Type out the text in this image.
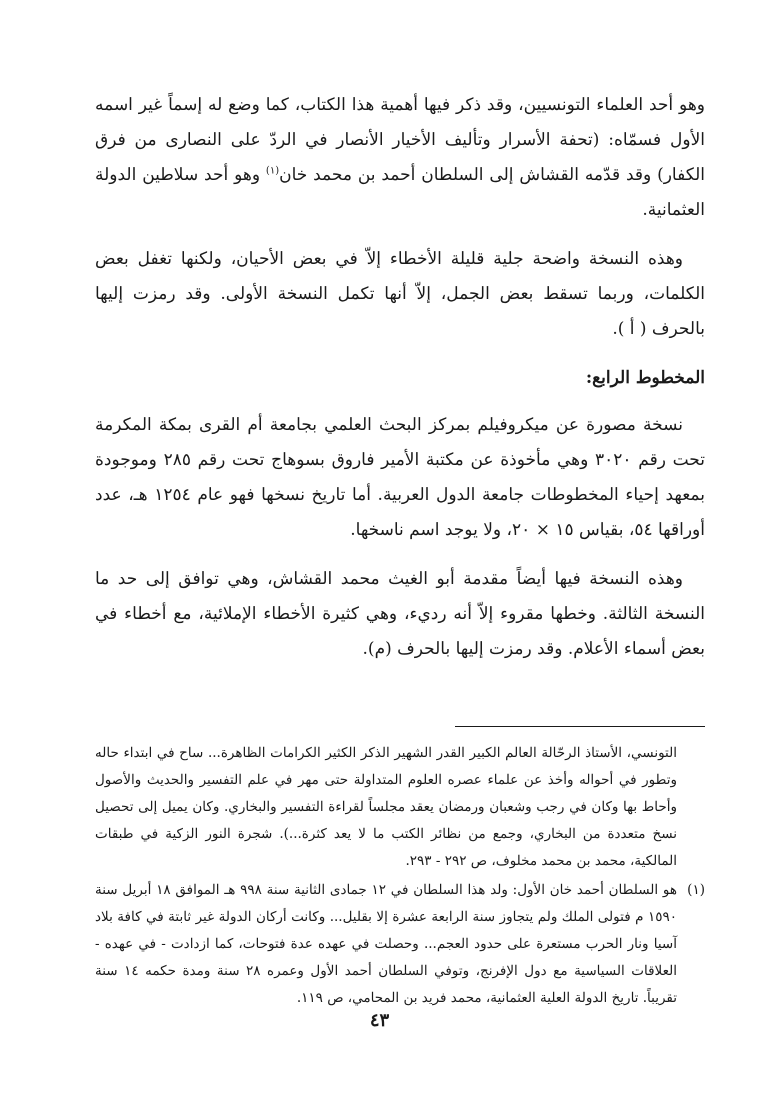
وهو أحد العلماء التونسيين، وقد ذكر فيها أهمية هذا الكتاب، كما وضع له إسماً غير اسمه الأول فسمّاه: (تحفة الأسرار وتأليف الأخيار الأنصار في الردّ على النصارى من فرق الكفار) وقد قدّمه القشاش إلى السلطان أحمد بن محمد خان$^{(١)}$ وهو أحد سلاطين الدولة العثمانية.

وهذه النسخة واضحة جلية قليلة الأخطاء إلاّ في بعض الأحيان، ولكنها تغفل بعض الكلمات، وربما تسقط بعض الجمل، إلاّ أنها تكمل النسخة الأولى. وقد رمزت إليها بالحرف ( أ ).

المخطوط الرابع:

نسخة مصورة عن ميكروفيلم بمركز البحث العلمي بجامعة أم القرى بمكة المكرمة تحت رقم ٣٠٢٠ وهي مأخوذة عن مكتبة الأمير فاروق بسوهاج تحت رقم ٢٨٥ وموجودة بمعهد إحياء المخطوطات جامعة الدول العربية. أما تاريخ نسخها فهو عام ١٢٥٤ هـ، عدد أوراقها ٥٤، بقياس ١٥ × ٢٠، ولا يوجد اسم ناسخها.

وهذه النسخة فيها أيضاً مقدمة أبو الغيث محمد القشاش، وهي توافق إلى حد ما النسخة الثالثة. وخطها مقروء إلاّ أنه رديء، وهي كثيرة الأخطاء الإملائية، مع أخطاء في بعض أسماء الأعلام. وقد رمزت إليها بالحرف (م).

التونسي، الأستاذ الرحّالة العالم الكبير القدر الشهير الذكر الكثير الكرامات الظاهرة... ساح في ابتداء حاله وتطور في أحواله وأخذ عن علماء عصره العلوم المتداولة حتى مهر في علم التفسير والحديث والأصول وأحاط بها وكان في رجب وشعبان ورمضان يعقد مجلساً لقراءة التفسير والبخاري. وكان يميل إلى تحصيل نسخ متعددة من البخاري، وجمع من نظائر الكتب ما لا يعد كثرة...). شجرة النور الزكية في طبقات المالكية، محمد بن محمد مخلوف، ص ٢٩٢ - ٢٩٣.

(١)
هو السلطان أحمد خان الأول: ولد هذا السلطان في ١٢ جمادى الثانية سنة ٩٩٨ هـ الموافق ١٨ أبريل سنة ١٥٩٠ م فتولى الملك ولم يتجاوز سنة الرابعة عشرة إلا بقليل... وكانت أركان الدولة غير ثابتة في كافة بلاد آسيا ونار الحرب مستعرة على حدود العجم... وحصلت في عهده عدة فتوحات، كما ازدادت - في عهده - العلاقات السياسية مع دول الإفرنج، وتوفي السلطان أحمد الأول وعمره ٢٨ سنة ومدة حكمه ١٤ سنة تقريباً. تاريخ الدولة العلية العثمانية، محمد فريد بن المحامي، ص ١١٩.
٤٣
